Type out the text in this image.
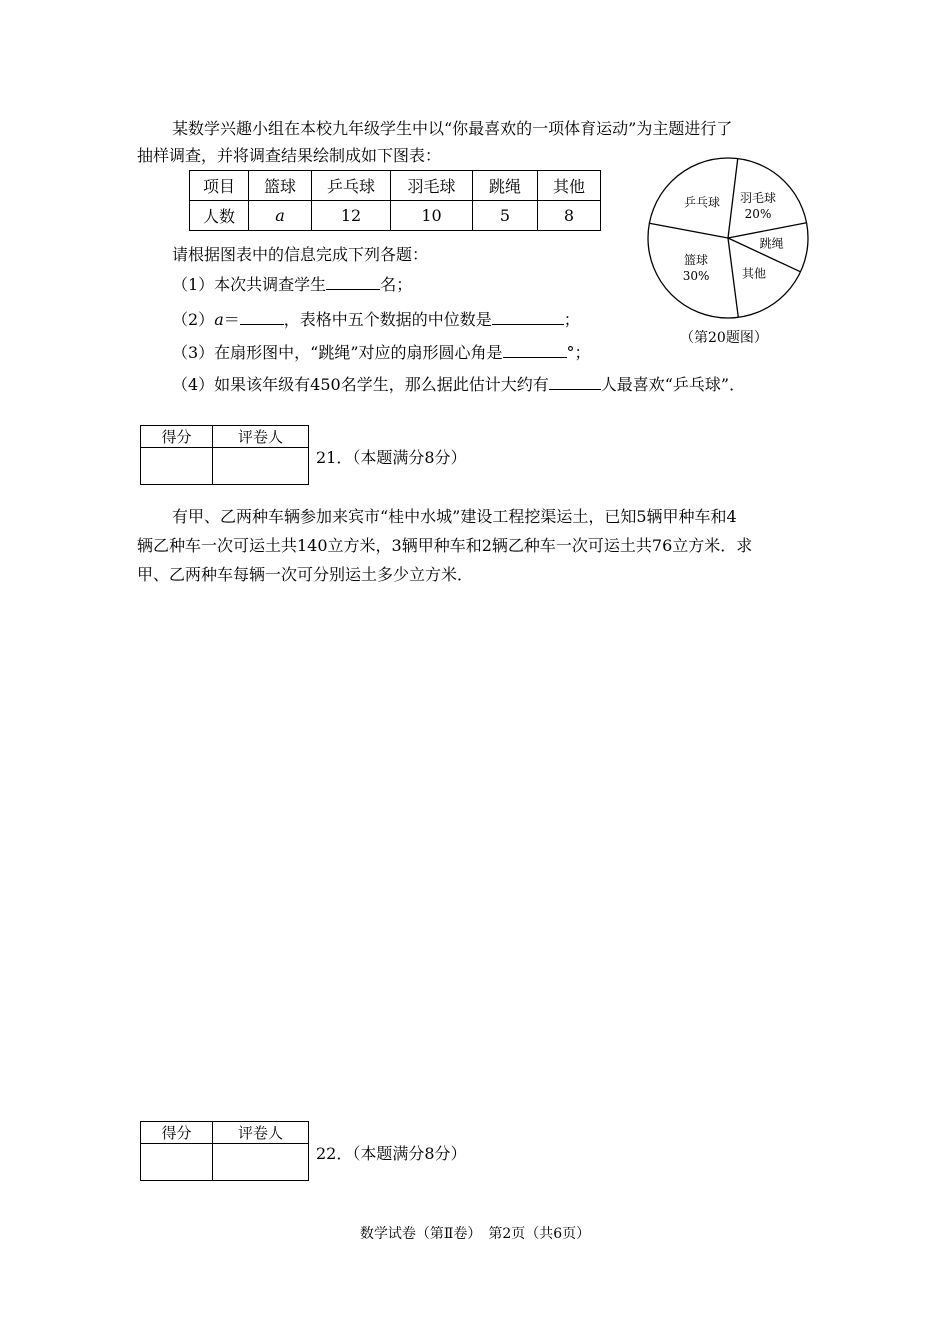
某数学兴趣小组在本校九年级学生中以“你最喜欢的一项体育运动”为主题进行了
抽样调查，并将调查结果绘制成如下图表：
项目	篮球	乒乓球	羽毛球	跳绳	其他
人数	a	12	10	5	8
羽毛球
20%
跳绳
其他
篮球
30%
乒乓球
（第20题图）
请根据图表中的信息完成下列各题：
（1）本次共调查学生	名；
（2）a＝	，表格中五个数据的中位数是	；
（3）在扇形图中，“跳绳”对应的扇形圆心角是	°；
（4）如果该年级有450名学生，那么据此估计大约有	人最喜欢“乒乓球”．
得分	评卷人

21．（本题满分8分）
有甲、乙两种车辆参加来宾市“桂中水城”建设工程挖渠运土，已知5辆甲种车和4
辆乙种车一次可运土共140立方米，3辆甲种车和2辆乙种车一次可运土共76立方米．求
甲、乙两种车每辆一次可分别运土多少立方米．
得分	评卷人

22．（本题满分8分）
数学试卷（第Ⅱ卷）　第2页（共6页）
